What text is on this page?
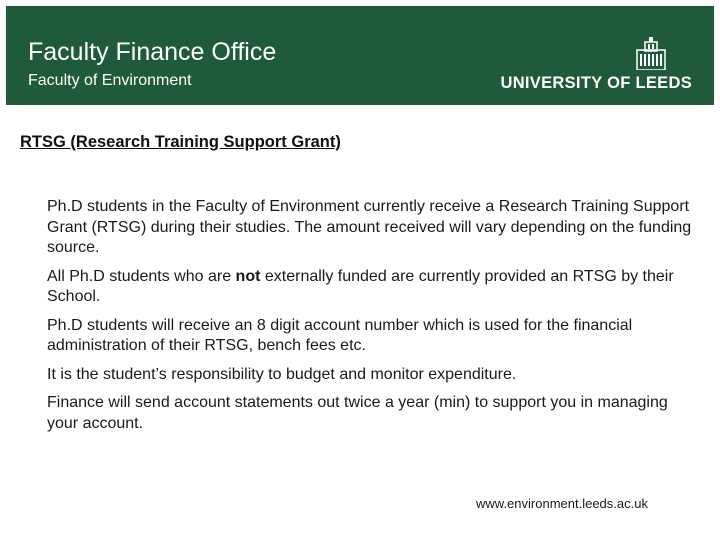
Faculty Finance Office
Faculty of Environment	UNIVERSITY OF LEEDS
RTSG (Research Training Support Grant)

Ph.D students in the Faculty of Environment currently receive a Research Training Support Grant (RTSG) during their studies. The amount received will vary depending on the funding source.

All Ph.D students who are not externally funded are currently provided an RTSG by their School.

Ph.D students will receive an 8 digit account number which is used for the financial administration of their RTSG, bench fees etc.

It is the student’s responsibility to budget and monitor expenditure.

Finance will send account statements out twice a year (min) to support you in managing your account.

www.environment.leeds.ac.uk
